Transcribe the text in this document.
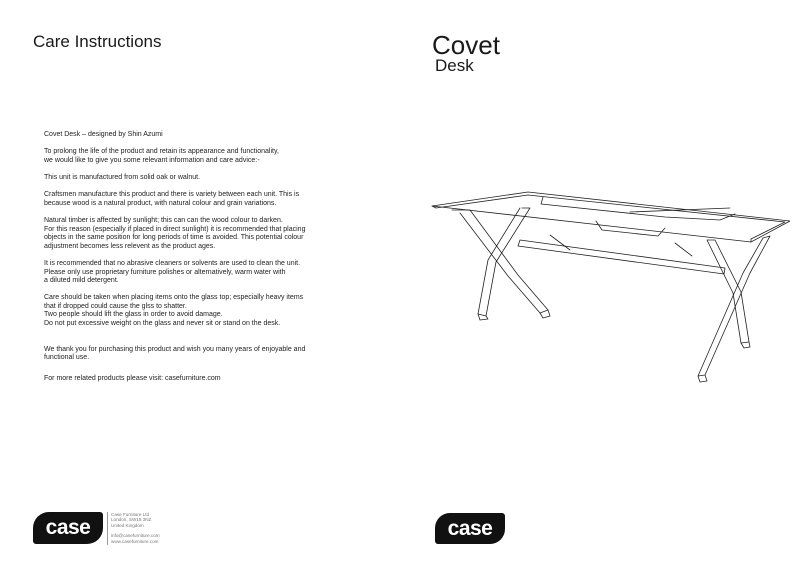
Care Instructions

Covet Desk – designed by Shin Azumi

To prolong the life of the product and retain its appearance and functionality,
we would like to give you some relevant information and care advice:-

This unit is manufactured from solid oak or walnut.

Craftsmen manufacture this product and there is variety between each unit. This is
because wood is a natural product, with natural colour and grain variations.

Natural timber is affected by sunlight; this can can the wood colour to darken.
For this reason (especially if placed in direct sunlight) it is recommended that placing
objects in the same position for long periods of time is avoided. This potential colour
adjustment becomes less relevent as the product ages.

It is recommended that no abrasive cleaners or solvents are used to clean the unit.
Please only use proprietary furniture polishes or alternatively, warm water with
a diluted mild detergent.

Care should be taken when placing items onto the glass top; especially heavy items
that if dropped could cause the glss to shatter.
Two people should lift the glass in order to avoid damage.
Do not put excessive weight on the glass and never sit or stand on the desk.

We thank you for purchasing this product and wish you many years of enjoyable and
functional use.

For more related products please visit: casefurniture.com

case
Case Furniture Ltd
London, SW18 3NZ
United Kingdom
info@casefurniture.com
www.casefurniture.com
Covet
Desk
case
